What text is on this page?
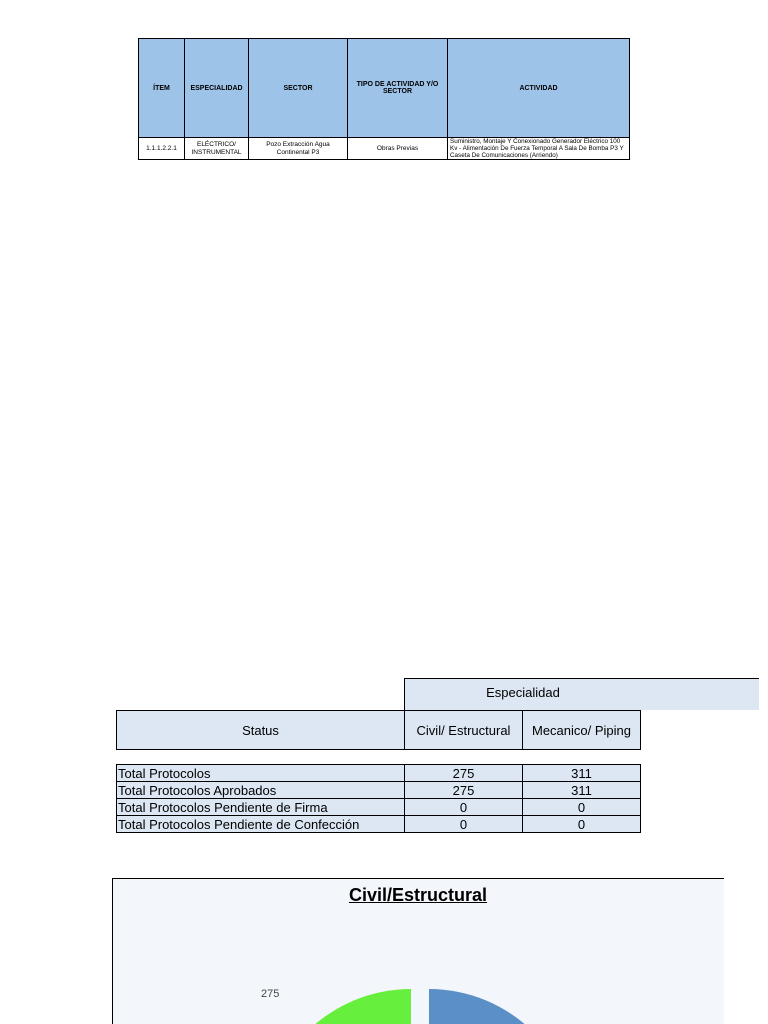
ÍTEM	ESPECIALIDAD	SECTOR	TIPO DE ACTIVIDAD Y/O SECTOR	ACTIVIDAD
1.1.1.2.2.1	ELÉCTRICO/ INSTRUMENTAL	Pozo Extracción Agua Continental P3	Obras Previas	Suministro, Montaje Y Conexionado Generador Eléctrico 100 Kv - Alimentación De Fuerza Temporal A Sala De Bomba P3 Y Caseta De Comunicaciones (Arriendo)
Especialidad
Status	Civil/ Estructural	Mecanico/ Piping
Total Protocolos	275	311
Total Protocolos Aprobados	275	311
Total Protocolos Pendiente de Firma	0	0
Total Protocolos Pendiente de Confección	0	0
Civil/Estructural
275
